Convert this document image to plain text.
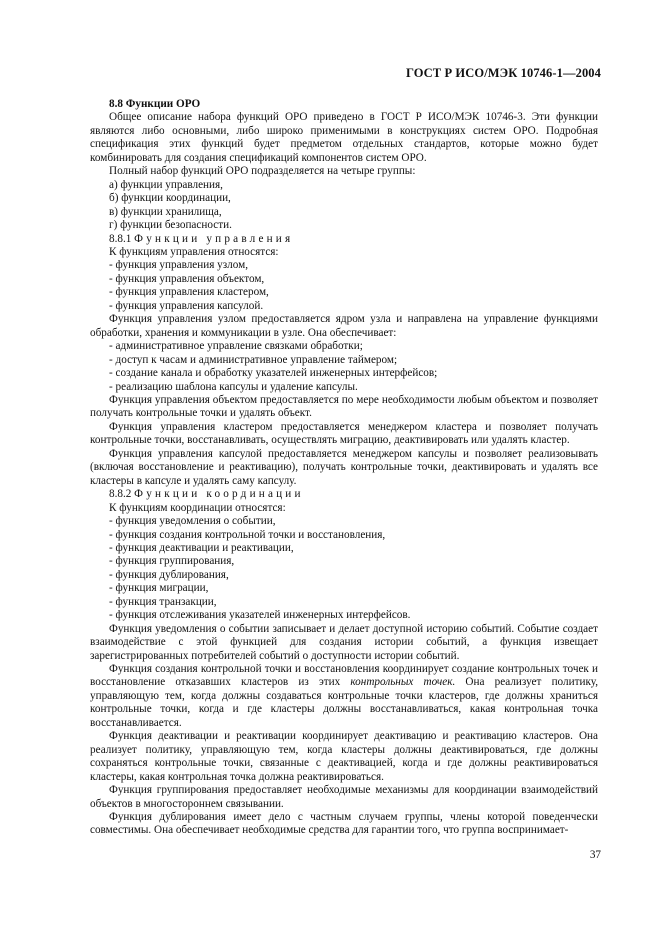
ГОСТ Р ИСО/МЭК 10746-1—2004

8.8 Функции ОРО

Общее описание набора функций ОРО приведено в ГОСТ Р ИСО/МЭК 10746-3. Эти функции являются либо основными, либо широко применимыми в конструкциях систем ОРО. Подробная спецификация этих функций будет предметом отдельных стандартов, которые можно будет комбинировать для создания спецификаций компонентов систем ОРО.

Полный набор функций ОРО подразделяется на четыре группы:

а) функции управления,

б) функции координации,

в) функции хранилища,

г) функции безопасности.

8.8.1 Функции управления

К функциям управления относятся:

- функция управления узлом,

- функция управления объектом,

- функция управления кластером,

- функция управления капсулой.

Функция управления узлом предоставляется ядром узла и направлена на управление функциями обработки, хранения и коммуникации в узле. Она обеспечивает:

- административное управление связками обработки;

- доступ к часам и административное управление таймером;

- создание канала и обработку указателей инженерных интерфейсов;

- реализацию шаблона капсулы и удаление капсулы.

Функция управления объектом предоставляется по мере необходимости любым объектом и позволяет получать контрольные точки и удалять объект.

Функция управления кластером предоставляется менеджером кластера и позволяет получать контрольные точки, восстанавливать, осуществлять миграцию, деактивировать или удалять кластер.

Функция управления капсулой предоставляется менеджером капсулы и позволяет реализовывать (включая восстановление и реактивацию), получать контрольные точки, деактивировать и удалять все кластеры в капсуле и удалять саму капсулу.

8.8.2 Функции координации

К функциям координации относятся:

- функция уведомления о событии,

- функция создания контрольной точки и восстановления,

- функция деактивации и реактивации,

- функция группирования,

- функция дублирования,

- функция миграции,

- функция транзакции,

- функция отслеживания указателей инженерных интерфейсов.

Функция уведомления о событии записывает и делает доступной историю событий. Событие создает взаимодействие с этой функцией для создания истории событий, а функция извещает зарегистрированных потребителей событий о доступности истории событий.

Функция создания контрольной точки и восстановления координирует создание контрольных точек и восстановление отказавших кластеров из этих контрольных точек. Она реализует политику, управляющую тем, когда должны создаваться контрольные точки кластеров, где должны храниться контрольные точки, когда и где кластеры должны восстанавливаться, какая контрольная точка восстанавливается.

Функция деактивации и реактивации координирует деактивацию и реактивацию кластеров. Она реализует политику, управляющую тем, когда кластеры должны деактивироваться, где должны сохраняться контрольные точки, связанные с деактивацией, когда и где должны реактивироваться кластеры, какая контрольная точка должна реактивироваться.

Функция группирования предоставляет необходимые механизмы для координации взаимодействий объектов в многостороннем связывании.

Функция дублирования имеет дело с частным случаем группы, члены которой поведенчески совместимы. Она обеспечивает необходимые средства для гарантии того, что группа воспринимает-

37
